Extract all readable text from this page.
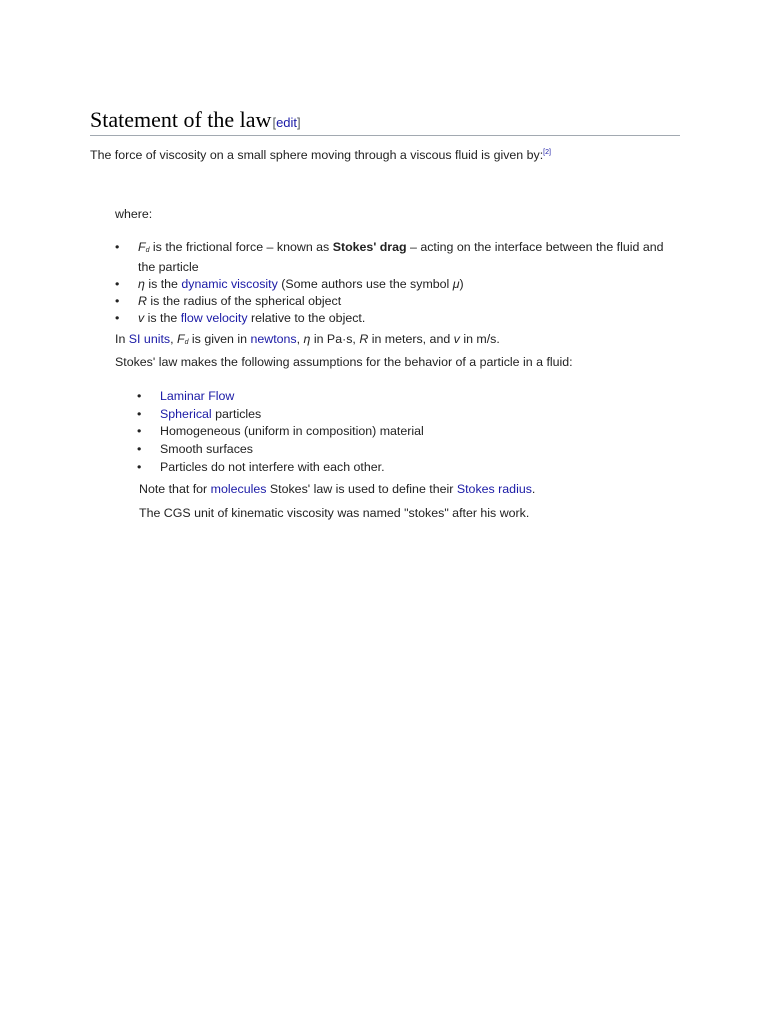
Statement of the law[edit]
The force of viscosity on a small sphere moving through a viscous fluid is given by:[2]
where:
• Fd is the frictional force – known as Stokes' drag – acting on the interface between the fluid and the particle
• η is the dynamic viscosity (Some authors use the symbol μ)
• R is the radius of the spherical object
• v is the flow velocity relative to the object.
In SI units, Fd is given in newtons, η in Pa·s, R in meters, and v in m/s.
Stokes' law makes the following assumptions for the behavior of a particle in a fluid:
• Laminar Flow
• Spherical particles
• Homogeneous (uniform in composition) material
• Smooth surfaces
• Particles do not interfere with each other.
Note that for molecules Stokes' law is used to define their Stokes radius.
The CGS unit of kinematic viscosity was named "stokes" after his work.
